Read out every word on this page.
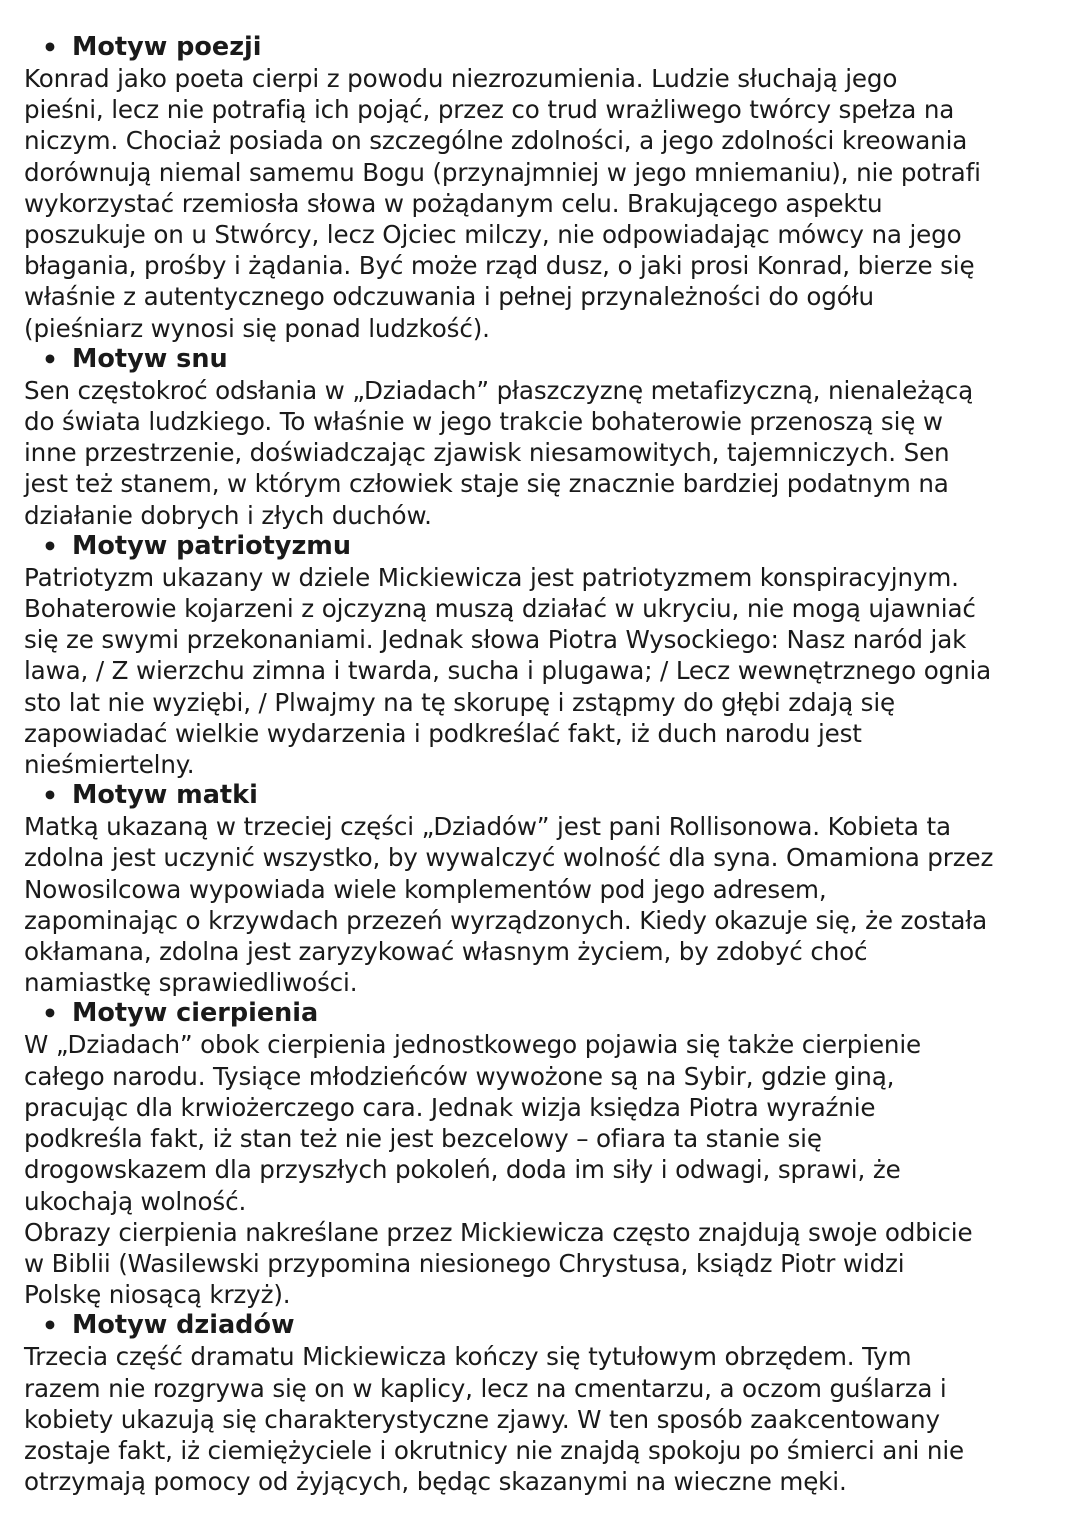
• Motyw poezji

Konrad jako poeta cierpi z powodu niezrozumienia. Ludzie słuchają jego
pieśni, lecz nie potrafią ich pojąć, przez co trud wrażliwego twórcy spełza na
niczym. Chociaż posiada on szczególne zdolności, a jego zdolności kreowania
dorównują niemal samemu Bogu (przynajmniej w jego mniemaniu), nie potrafi
wykorzystać rzemiosła słowa w pożądanym celu. Brakującego aspektu
poszukuje on u Stwórcy, lecz Ojciec milczy, nie odpowiadając mówcy na jego
błagania, prośby i żądania. Być może rząd dusz, o jaki prosi Konrad, bierze się
właśnie z autentycznego odczuwania i pełnej przynależności do ogółu
(pieśniarz wynosi się ponad ludzkość).

• Motyw snu

Sen częstokroć odsłania w „Dziadach” płaszczyznę metafizyczną, nienależącą
do świata ludzkiego. To właśnie w jego trakcie bohaterowie przenoszą się w
inne przestrzenie, doświadczając zjawisk niesamowitych, tajemniczych. Sen
jest też stanem, w którym człowiek staje się znacznie bardziej podatnym na
działanie dobrych i złych duchów.

• Motyw patriotyzmu

Patriotyzm ukazany w dziele Mickiewicza jest patriotyzmem konspiracyjnym.
Bohaterowie kojarzeni z ojczyzną muszą działać w ukryciu, nie mogą ujawniać
się ze swymi przekonaniami. Jednak słowa Piotra Wysockiego: Nasz naród jak
lawa, / Z wierzchu zimna i twarda, sucha i plugawa; / Lecz wewnętrznego ognia
sto lat nie wyziębi, / Plwajmy na tę skorupę i zstąpmy do głębi zdają się
zapowiadać wielkie wydarzenia i podkreślać fakt, iż duch narodu jest
nieśmiertelny.

• Motyw matki

Matką ukazaną w trzeciej części „Dziadów” jest pani Rollisonowa. Kobieta ta
zdolna jest uczynić wszystko, by wywalczyć wolność dla syna. Omamiona przez
Nowosilcowa wypowiada wiele komplementów pod jego adresem,
zapominając o krzywdach przezeń wyrządzonych. Kiedy okazuje się, że została
okłamana, zdolna jest zaryzykować własnym życiem, by zdobyć choć
namiastkę sprawiedliwości.

• Motyw cierpienia

W „Dziadach” obok cierpienia jednostkowego pojawia się także cierpienie
całego narodu. Tysiące młodzieńców wywożone są na Sybir, gdzie giną,
pracując dla krwiożerczego cara. Jednak wizja księdza Piotra wyraźnie
podkreśla fakt, iż stan też nie jest bezcelowy – ofiara ta stanie się
drogowskazem dla przyszłych pokoleń, doda im siły i odwagi, sprawi, że
ukochają wolność.

Obrazy cierpienia nakreślane przez Mickiewicza często znajdują swoje odbicie
w Biblii (Wasilewski przypomina niesionego Chrystusa, ksiądz Piotr widzi
Polskę niosącą krzyż).

• Motyw dziadów

Trzecia część dramatu Mickiewicza kończy się tytułowym obrzędem. Tym
razem nie rozgrywa się on w kaplicy, lecz na cmentarzu, a oczom guślarza i
kobiety ukazują się charakterystyczne zjawy. W ten sposób zaakcentowany
zostaje fakt, iż ciemiężyciele i okrutnicy nie znajdą spokoju po śmierci ani nie
otrzymają pomocy od żyjących, będąc skazanymi na wieczne męki.
